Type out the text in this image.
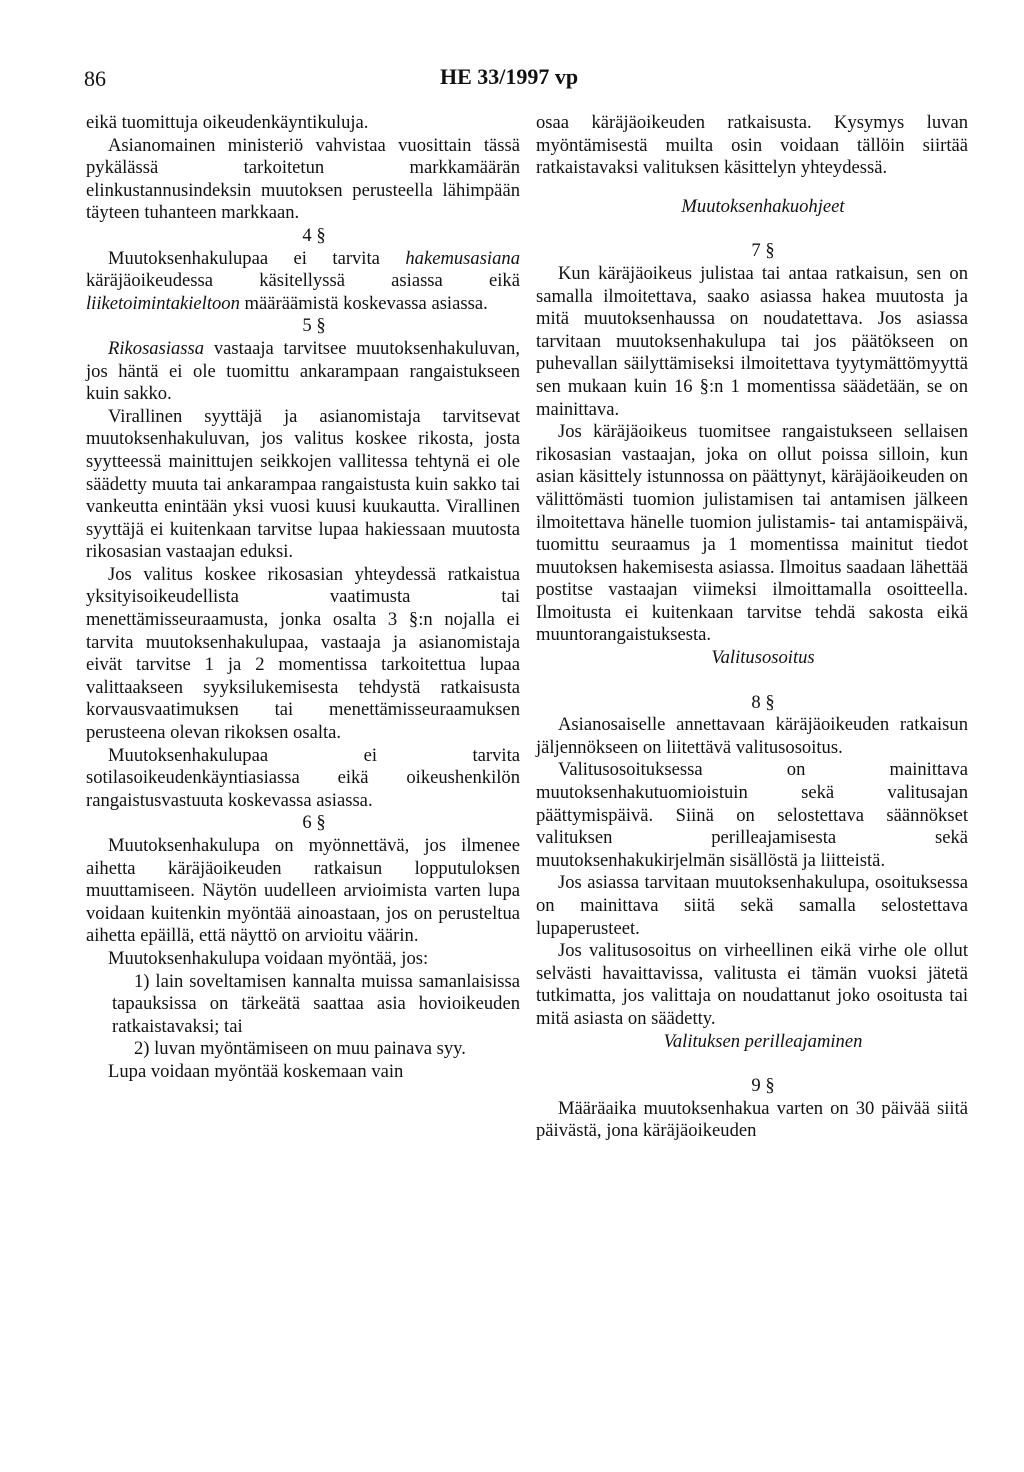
86	HE 33/1997 vp

eikä tuomittuja oikeudenkäyntikuluja.

Asianomainen ministeriö vahvistaa vuosittain tässä pykälässä tarkoitetun markkamäärän elinkustannusindeksin muutoksen perusteella lähimpään täyteen tuhanteen markkaan.

4 §

Muutoksenhakulupaa ei tarvita hakemusasiana käräjäoikeudessa käsitellyssä asiassa eikä liiketoimintakieltoon määräämistä koskevassa asiassa.

5 §

Rikosasiassa vastaaja tarvitsee muutoksenhakuluvan, jos häntä ei ole tuomittu ankarampaan rangaistukseen kuin sakko.

Virallinen syyttäjä ja asianomistaja tarvitsevat muutoksenhakuluvan, jos valitus koskee rikosta, josta syytteessä mainittujen seikkojen vallitessa tehtynä ei ole säädetty muuta tai ankarampaa rangaistusta kuin sakko tai vankeutta enintään yksi vuosi kuusi kuukautta. Virallinen syyttäjä ei kuitenkaan tarvitse lupaa hakiessaan muutosta rikosasian vastaajan eduksi.

Jos valitus koskee rikosasian yhteydessä ratkaistua yksityisoikeudellista vaatimusta tai menettämisseuraamusta, jonka osalta 3 §:n nojalla ei tarvita muutoksenhakulupaa, vastaaja ja asianomistaja eivät tarvitse 1 ja 2 momentissa tarkoitettua lupaa valittaakseen syyksilukemisesta tehdystä ratkaisusta korvausvaatimuksen tai menettämisseuraamuksen perusteena olevan rikoksen osalta.

Muutoksenhakulupaa ei tarvita sotilasoikeudenkäyntiasiassa eikä oikeushenkilön rangaistusvastuuta koskevassa asiassa.

6 §

Muutoksenhakulupa on myönnettävä, jos ilmenee aihetta käräjäoikeuden ratkaisun lopputuloksen muuttamiseen. Näytön uudelleen arvioimista varten lupa voidaan kuitenkin myöntää ainoastaan, jos on perusteltua aihetta epäillä, että näyttö on arvioitu väärin.

Muutoksenhakulupa voidaan myöntää, jos:

1) lain soveltamisen kannalta muissa samanlaisissa tapauksissa on tärkeätä saattaa asia hovioikeuden ratkaistavaksi; tai

2) luvan myöntämiseen on muu painava syy.

Lupa voidaan myöntää koskemaan vain

osaa käräjäoikeuden ratkaisusta. Kysymys luvan myöntämisestä muilta osin voidaan tällöin siirtää ratkaistavaksi valituksen käsittelyn yhteydessä.

Muutoksenhakuohjeet

7 §

Kun käräjäoikeus julistaa tai antaa ratkaisun, sen on samalla ilmoitettava, saako asiassa hakea muutosta ja mitä muutoksenhaussa on noudatettava. Jos asiassa tarvitaan muutoksenhakulupa tai jos päätökseen on puhevallan säilyttämiseksi ilmoitettava tyytymättömyyttä sen mukaan kuin 16 §:n 1 momentissa säädetään, se on mainittava.

Jos käräjäoikeus tuomitsee rangaistukseen sellaisen rikosasian vastaajan, joka on ollut poissa silloin, kun asian käsittely istunnossa on päättynyt, käräjäoikeuden on välittömästi tuomion julistamisen tai antamisen jälkeen ilmoitettava hänelle tuomion julistamis- tai antamispäivä, tuomittu seuraamus ja 1 momentissa mainitut tiedot muutoksen hakemisesta asiassa. Ilmoitus saadaan lähettää postitse vastaajan viimeksi ilmoittamalla osoitteella. Ilmoitusta ei kuitenkaan tarvitse tehdä sakosta eikä muuntorangaistuksesta.

Valitusosoitus

8 §

Asianosaiselle annettavaan käräjäoikeuden ratkaisun jäljennökseen on liitettävä valitusosoitus.

Valitusosoituksessa on mainittava muutoksenhakutuomioistuin sekä valitusajan päättymispäivä. Siinä on selostettava säännökset valituksen perilleajamisesta sekä muutoksenhakukirjelmän sisällöstä ja liitteistä.

Jos asiassa tarvitaan muutoksenhakulupa, osoituksessa on mainittava siitä sekä samalla selostettava lupaperusteet.

Jos valitusosoitus on virheellinen eikä virhe ole ollut selvästi havaittavissa, valitusta ei tämän vuoksi jätetä tutkimatta, jos valittaja on noudattanut joko osoitusta tai mitä asiasta on säädetty.

Valituksen perilleajaminen

9 §

Määräaika muutoksenhakua varten on 30 päivää siitä päivästä, jona käräjäoikeuden
